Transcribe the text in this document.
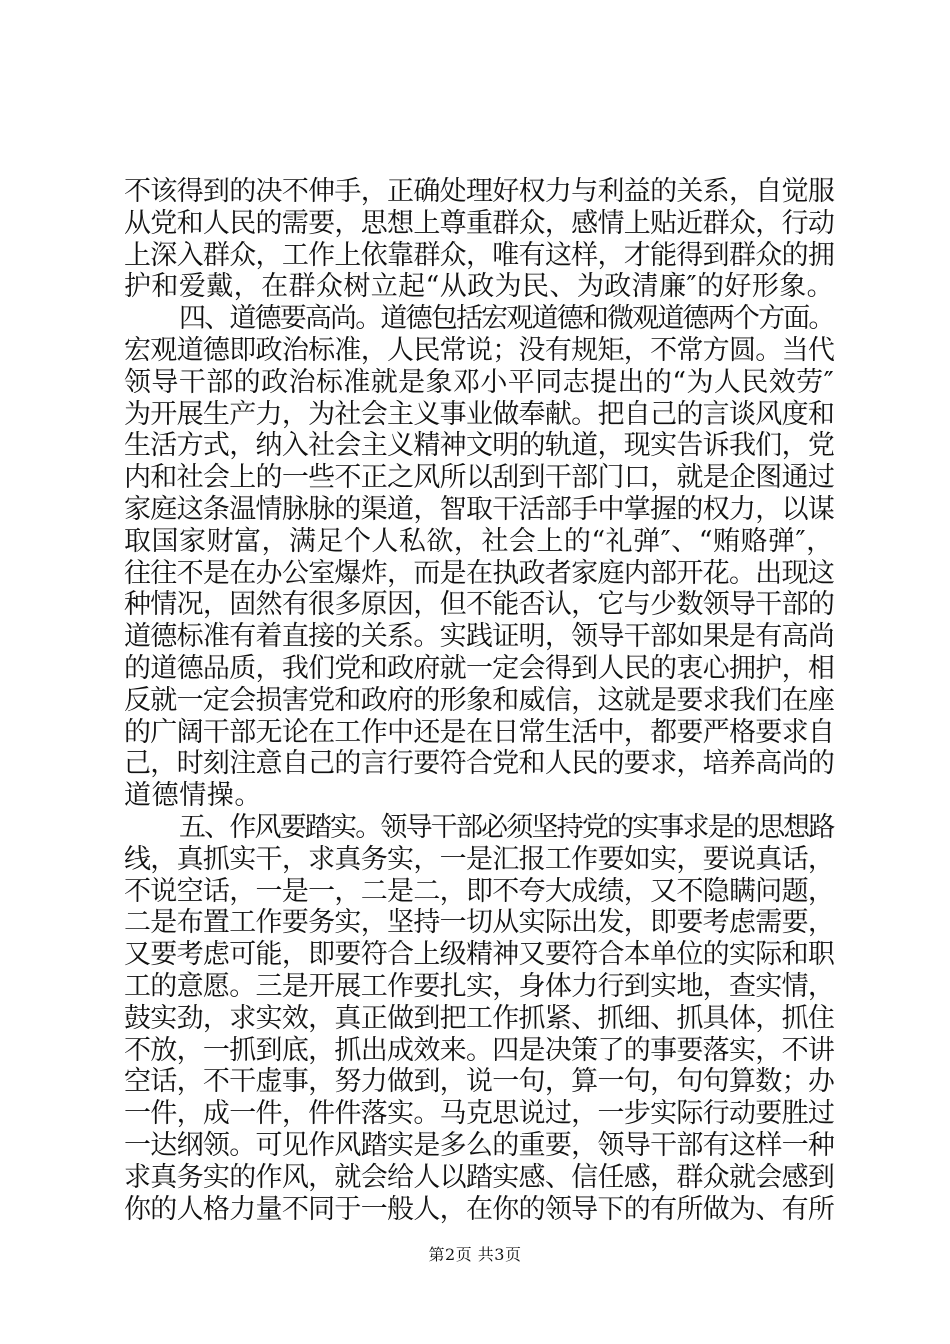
不该得到的决不伸手，正确处理好权力与利益的关系，自觉服
从党和人民的需要，思想上尊重群众，感情上贴近群众，行动
上深入群众，工作上依靠群众，唯有这样，才能得到群众的拥
护和爱戴，在群众树立起“从政为民、为政清廉″的好形象。
四、道德要高尚。道德包括宏观道德和微观道德两个方面。
宏观道德即政治标准，人民常说；没有规矩，不常方圆。当代
领导干部的政治标准就是象邓小平同志提出的“为人民效劳″
为开展生产力，为社会主义事业做奉献。把自己的言谈风度和
生活方式，纳入社会主义精神文明的轨道，现实告诉我们，党
内和社会上的一些不正之风所以刮到干部门口，就是企图通过
家庭这条温情脉脉的渠道，智取干活部手中掌握的权力，以谋
取国家财富，满足个人私欲，社会上的“礼弹″、“贿赂弹″，
往往不是在办公室爆炸，而是在执政者家庭内部开花。出现这
种情况，固然有很多原因，但不能否认，它与少数领导干部的
道德标准有着直接的关系。实践证明，领导干部如果是有高尚
的道德品质，我们党和政府就一定会得到人民的衷心拥护，相
反就一定会损害党和政府的形象和威信，这就是要求我们在座
的广阔干部无论在工作中还是在日常生活中，都要严格要求自
己，时刻注意自己的言行要符合党和人民的要求，培养高尚的
道德情操。
五、作风要踏实。领导干部必须坚持党的实事求是的思想路
线，真抓实干，求真务实，一是汇报工作要如实，要说真话，
不说空话，一是一，二是二，即不夸大成绩，又不隐瞒问题，
二是布置工作要务实，坚持一切从实际出发，即要考虑需要，
又要考虑可能，即要符合上级精神又要符合本单位的实际和职
工的意愿。三是开展工作要扎实，身体力行到实地，查实情，
鼓实劲，求实效，真正做到把工作抓紧、抓细、抓具体，抓住
不放，一抓到底，抓出成效来。四是决策了的事要落实，不讲
空话，不干虚事，努力做到，说一句，算一句，句句算数；办
一件，成一件，件件落实。马克思说过，一步实际行动要胜过
一达纲领。可见作风踏实是多么的重要，领导干部有这样一种
求真务实的作风，就会给人以踏实感、信任感，群众就会感到
你的人格力量不同于一般人，在你的领导下的有所做为、有所
第2页 共3页
